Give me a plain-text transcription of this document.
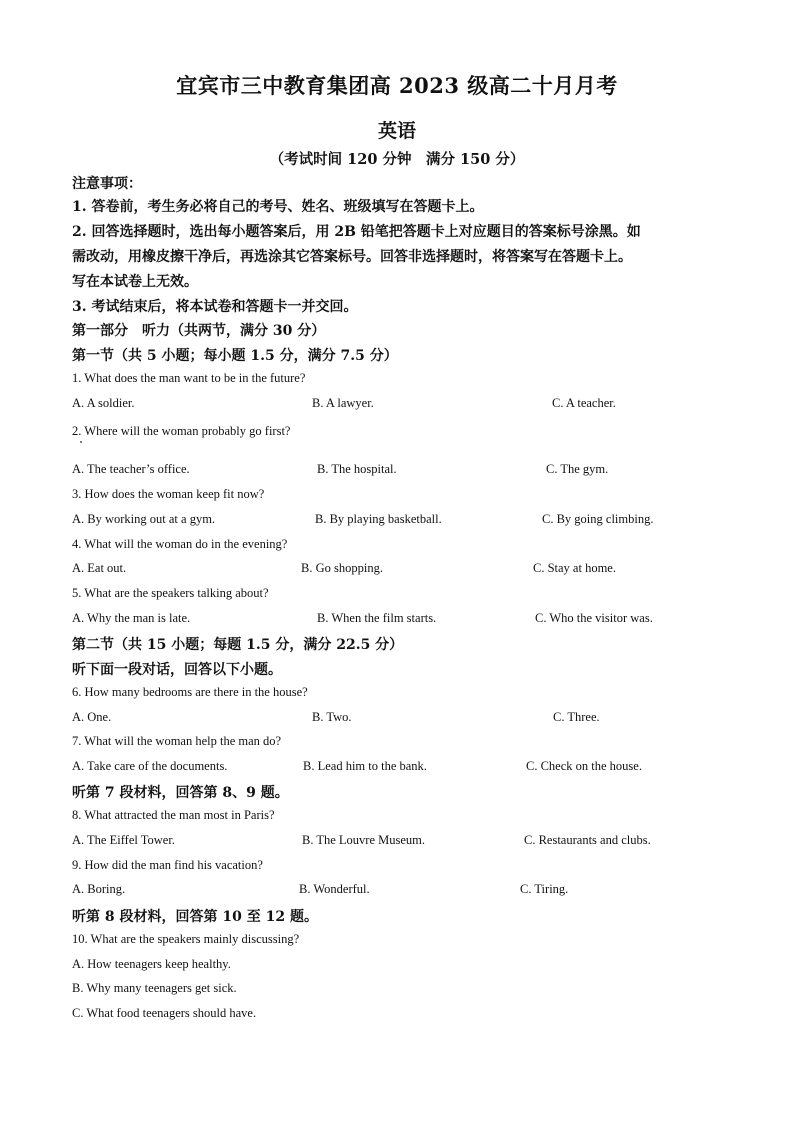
宜宾市三中教育集团高 2023 级高二十月月考
英语
（考试时间 120 分钟　满分 150 分）
注意事项：
1. 答卷前，考生务必将自己的考号、姓名、班级填写在答题卡上。
2. 回答选择题时，选出每小题答案后，用 2B 铅笔把答题卡上对应题目的答案标号涂黑。如
需改动，用橡皮擦干净后，再选涂其它答案标号。回答非选择题时，将答案写在答题卡上。
写在本试卷上无效。
3. 考试结束后，将本试卷和答题卡一并交回。
第一部分　听力（共两节，满分 30 分）
第一节（共 5 小题；每小题 1.5 分，满分 7.5 分）
1. What does the man want to be in the future?
A. A soldier.	B. A lawyer.	C. A teacher.
2. Where will the woman probably go first?
A. The teacher’s office.	B. The hospital.	C. The gym.
3. How does the woman keep fit now?
A. By working out at a gym.	B. By playing basketball.	C. By going climbing.
4. What will the woman do in the evening?
A. Eat out.	B. Go shopping.	C. Stay at home.
5. What are the speakers talking about?
A. Why the man is late.	B. When the film starts.	C. Who the visitor was.
第二节（共 15 小题；每题 1.5 分，满分 22.5 分）
听下面一段对话，回答以下小题。
6. How many bedrooms are there in the house?
A. One.	B. Two.	C. Three.
7. What will the woman help the man do?
A. Take care of the documents.	B. Lead him to the bank.	C. Check on the house.
听第 7 段材料，回答第 8、9 题。
8. What attracted the man most in Paris?
A. The Eiffel Tower.	B. The Louvre Museum.	C. Restaurants and clubs.
9. How did the man find his vacation?
A. Boring.	B. Wonderful.	C. Tiring.
听第 8 段材料，回答第 10 至 12 题。
10. What are the speakers mainly discussing?
A. How teenagers keep healthy.
B. Why many teenagers get sick.
C. What food teenagers should have.
